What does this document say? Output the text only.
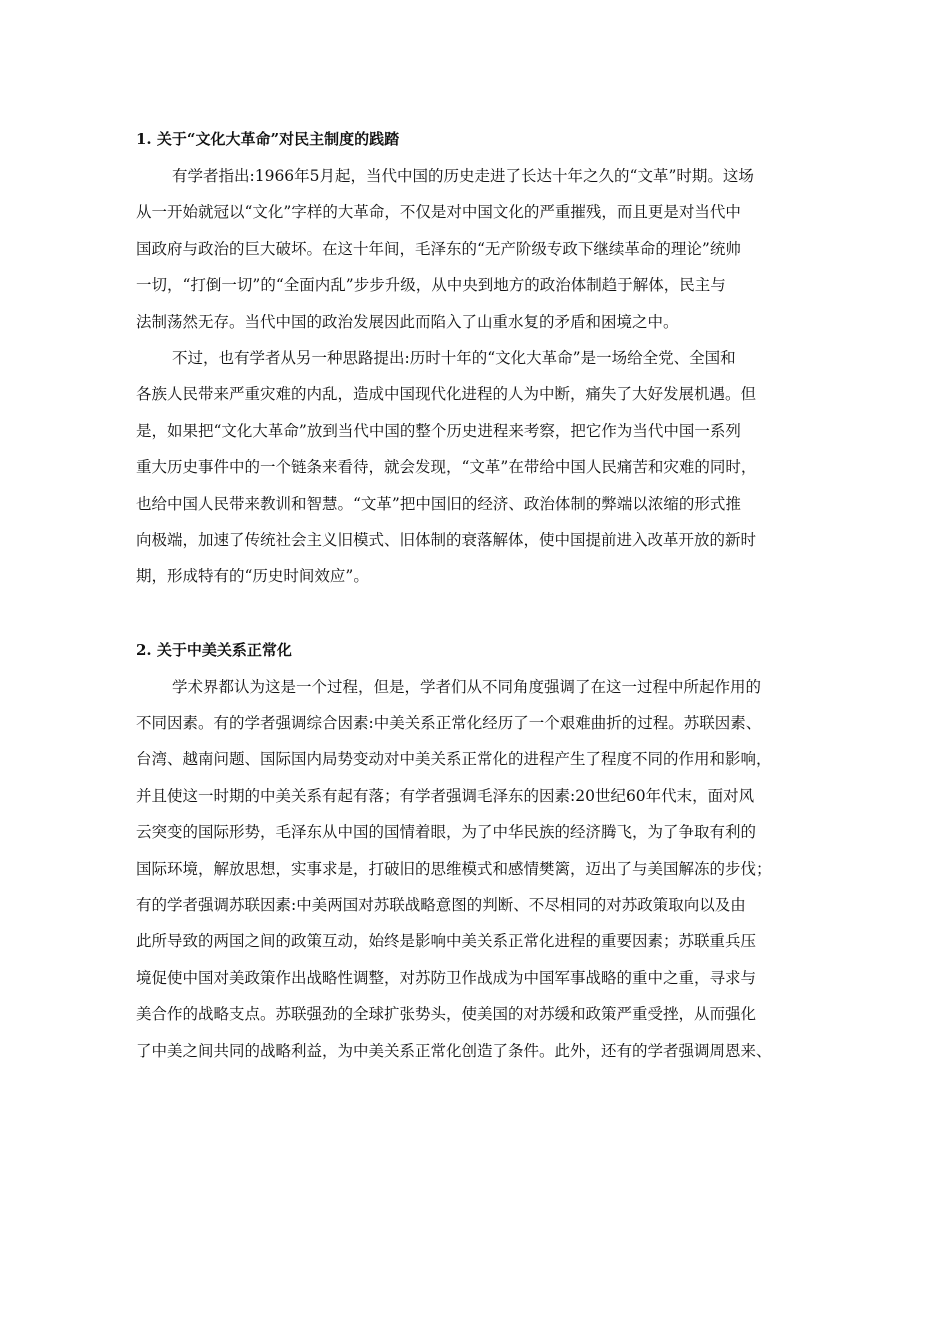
1. 关于“文化大革命”对民主制度的践踏

有学者指出:1966年5月起，当代中国的历史走进了长达十年之久的“文革”时期。这场
从一开始就冠以“文化”字样的大革命，不仅是对中国文化的严重摧残，而且更是对当代中
国政府与政治的巨大破坏。在这十年间，毛泽东的“无产阶级专政下继续革命的理论”统帅
一切，“打倒一切”的“全面内乱”步步升级，从中央到地方的政治体制趋于解体，民主与
法制荡然无存。当代中国的政治发展因此而陷入了山重水复的矛盾和困境之中。

不过，也有学者从另一种思路提出:历时十年的“文化大革命”是一场给全党、全国和
各族人民带来严重灾难的内乱，造成中国现代化进程的人为中断，痛失了大好发展机遇。但
是，如果把“文化大革命”放到当代中国的整个历史进程来考察，把它作为当代中国一系列
重大历史事件中的一个链条来看待，就会发现，“文革”在带给中国人民痛苦和灾难的同时，
也给中国人民带来教训和智慧。“文革”把中国旧的经济、政治体制的弊端以浓缩的形式推
向极端，加速了传统社会主义旧模式、旧体制的衰落解体，使中国提前进入改革开放的新时
期，形成特有的“历史时间效应”。

2. 关于中美关系正常化

学术界都认为这是一个过程，但是，学者们从不同角度强调了在这一过程中所起作用的
不同因素。有的学者强调综合因素:中美关系正常化经历了一个艰难曲折的过程。苏联因素、
台湾、越南问题、国际国内局势变动对中美关系正常化的进程产生了程度不同的作用和影响，
并且使这一时期的中美关系有起有落；有学者强调毛泽东的因素:20世纪60年代末，面对风
云突变的国际形势，毛泽东从中国的国情着眼，为了中华民族的经济腾飞，为了争取有利的
国际环境，解放思想，实事求是，打破旧的思维模式和感情樊篱，迈出了与美国解冻的步伐；
有的学者强调苏联因素:中美两国对苏联战略意图的判断、不尽相同的对苏政策取向以及由
此所导致的两国之间的政策互动，始终是影响中美关系正常化进程的重要因素；苏联重兵压
境促使中国对美政策作出战略性调整，对苏防卫作战成为中国军事战略的重中之重，寻求与
美合作的战略支点。苏联强劲的全球扩张势头，使美国的对苏缓和政策严重受挫，从而强化
了中美之间共同的战略利益，为中美关系正常化创造了条件。此外，还有的学者强调周恩来、
